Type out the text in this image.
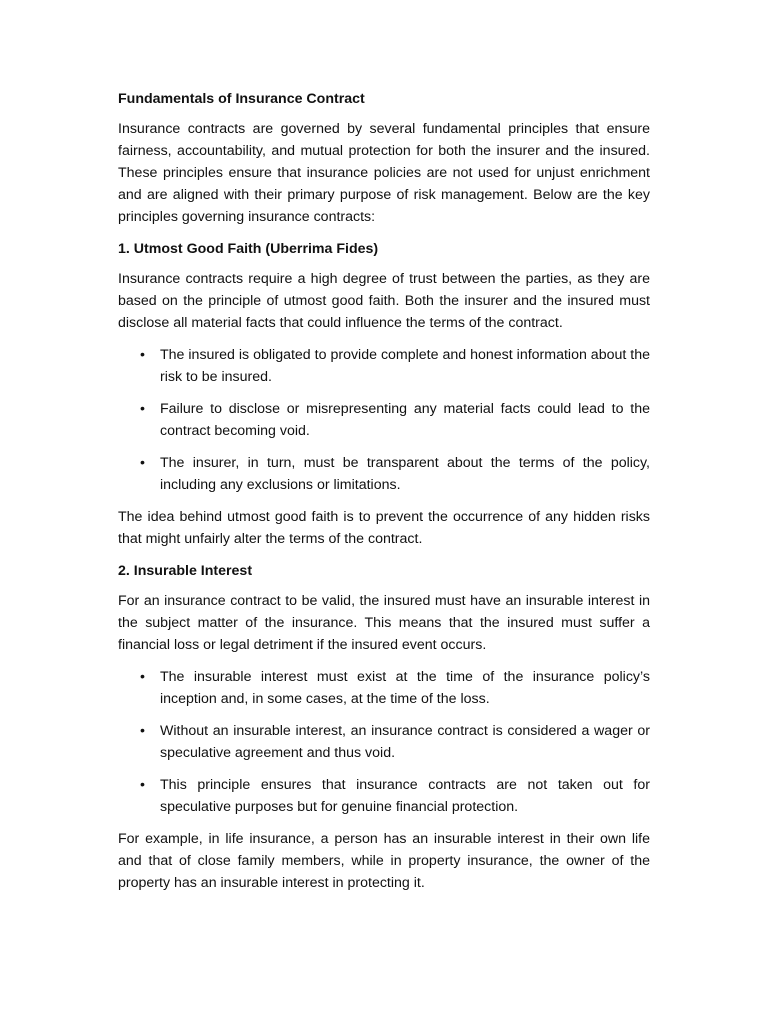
Fundamentals of Insurance Contract

Insurance contracts are governed by several fundamental principles that ensure fairness, accountability, and mutual protection for both the insurer and the insured. These principles ensure that insurance policies are not used for unjust enrichment and are aligned with their primary purpose of risk management. Below are the key principles governing insurance contracts:

1. Utmost Good Faith (Uberrima Fides)

Insurance contracts require a high degree of trust between the parties, as they are based on the principle of utmost good faith. Both the insurer and the insured must disclose all material facts that could influence the terms of the contract.

• The insured is obligated to provide complete and honest information about the risk to be insured.
• Failure to disclose or misrepresenting any material facts could lead to the contract becoming void.
• The insurer, in turn, must be transparent about the terms of the policy, including any exclusions or limitations.

The idea behind utmost good faith is to prevent the occurrence of any hidden risks that might unfairly alter the terms of the contract.

2. Insurable Interest

For an insurance contract to be valid, the insured must have an insurable interest in the subject matter of the insurance. This means that the insured must suffer a financial loss or legal detriment if the insured event occurs.

• The insurable interest must exist at the time of the insurance policy’s inception and, in some cases, at the time of the loss.
• Without an insurable interest, an insurance contract is considered a wager or speculative agreement and thus void.
• This principle ensures that insurance contracts are not taken out for speculative purposes but for genuine financial protection.

For example, in life insurance, a person has an insurable interest in their own life and that of close family members, while in property insurance, the owner of the property has an insurable interest in protecting it.
